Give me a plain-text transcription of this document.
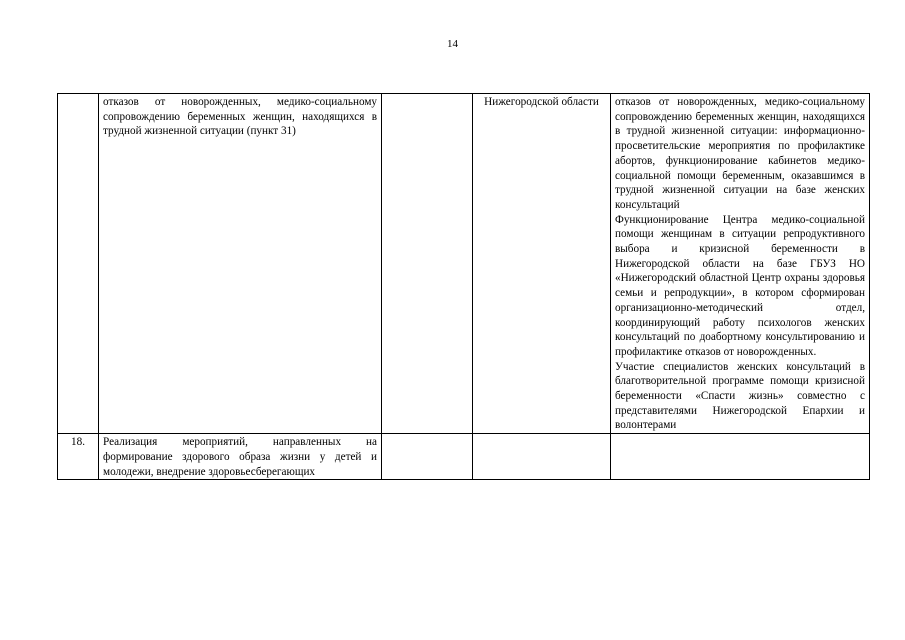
14
	отказов от новорожденных, медико-социальному сопровождению беременных женщин, находящихся в трудной жизненной ситуации (пункт 31)		Нижегородской области	отказов от новорожденных, медико-социальному сопровождению беременных женщин, находящихся в трудной жизненной ситуации: информационно-просветительские мероприятия по профилактике абортов, функционирование кабинетов медико-социальной помощи беременным, оказавшимся в трудной жизненной ситуации на базе женских консультаций
Функционирование Центра медико-социальной помощи женщинам в ситуации репродуктивного выбора и кризисной беременности в Нижегородской области на базе ГБУЗ НО «Нижегородский областной Центр охраны здоровья семьи и репродукции», в котором сформирован организационно-методический отдел, координирующий работу психологов женских консультаций по доабортному консультированию и профилактике отказов от новорожденных.
Участие специалистов женских консультаций в благотворительной программе помощи кризисной беременности «Спасти жизнь» совместно с представителями Нижегородской Епархии и волонтерами

18.	Реализация мероприятий, направленных на формирование здорового образа жизни у детей и молодежи, внедрение здоровьесберегающих			
